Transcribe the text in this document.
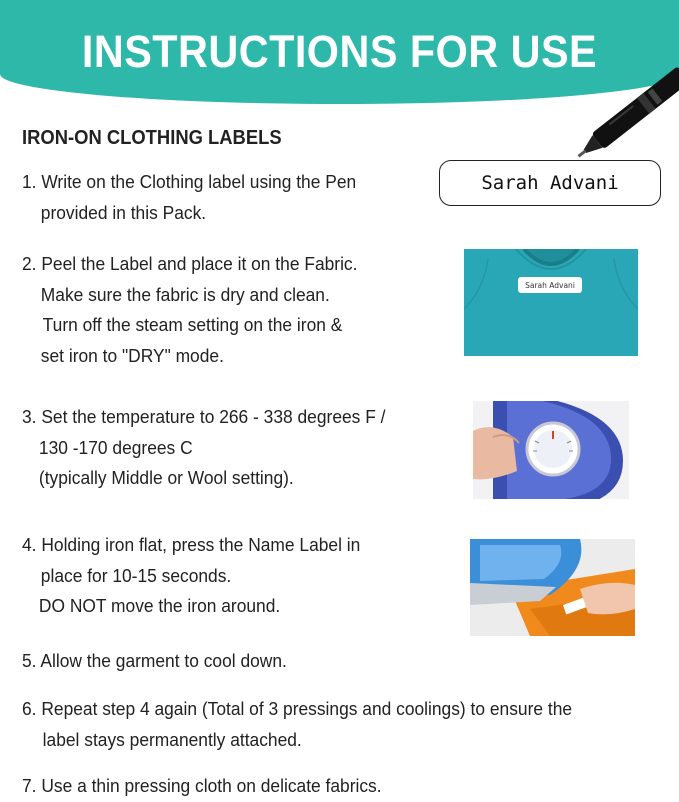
INSTRUCTIONS FOR USE
IRON-ON CLOTHING LABELS
1. Write on the Clothing label using the Pen
provided in this Pack.
2. Peel the Label and place it on the Fabric.
Make sure the fabric is dry and clean.
Turn off the steam setting on the iron &
set iron to "DRY" mode.
3. Set the temperature to 266 - 338 degrees F /
130 -170 degrees C
(typically Middle or Wool setting).
4. Holding iron flat, press the Name Label in
place for 10-15 seconds.
DO NOT move the iron around.
5. Allow the garment to cool down.
6. Repeat step 4 again (Total of 3 pressings and coolings) to ensure the
label stays permanently attached.
7. Use a thin pressing cloth on delicate fabrics.
Sarah Advani
Sarah Advani
